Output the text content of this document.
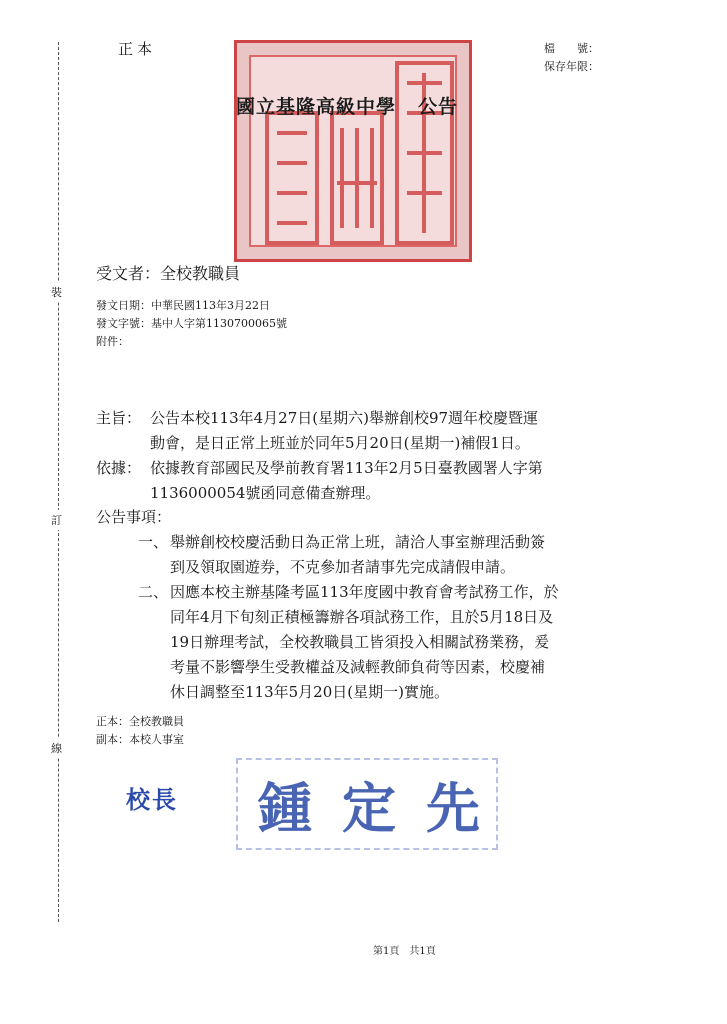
裝
訂
線
正本	檔　　號：
保存年限：
國立基隆高級中學 公告
受文者：全校教職員
發文日期：中華民國113年3月22日
發文字號：基中人字第1130700065號
附件：
主旨： 公告本校113年4月27日(星期六)舉辦創校97週年校慶暨運
動會，是日正常上班並於同年5月20日(星期一)補假1日。
依據： 依據教育部國民及學前教育署113年2月5日臺教國署人字第
1136000054號函同意備查辦理。
公告事項：
一、 舉辦創校校慶活動日為正常上班，請洽人事室辦理活動簽
到及領取園遊券，不克參加者請事先完成請假申請。
二、 因應本校主辦基隆考區113年度國中教育會考試務工作，於
同年4月下旬刻正積極籌辦各項試務工作，且於5月18日及
19日辦理考試，全校教職員工皆須投入相關試務業務，爰
考量不影響學生受教權益及減輕教師負荷等因素，校慶補
休日調整至113年5月20日(星期一)實施。
正本：全校教職員
副本：本校人事室
校長 鍾定先
第1頁　共1頁
